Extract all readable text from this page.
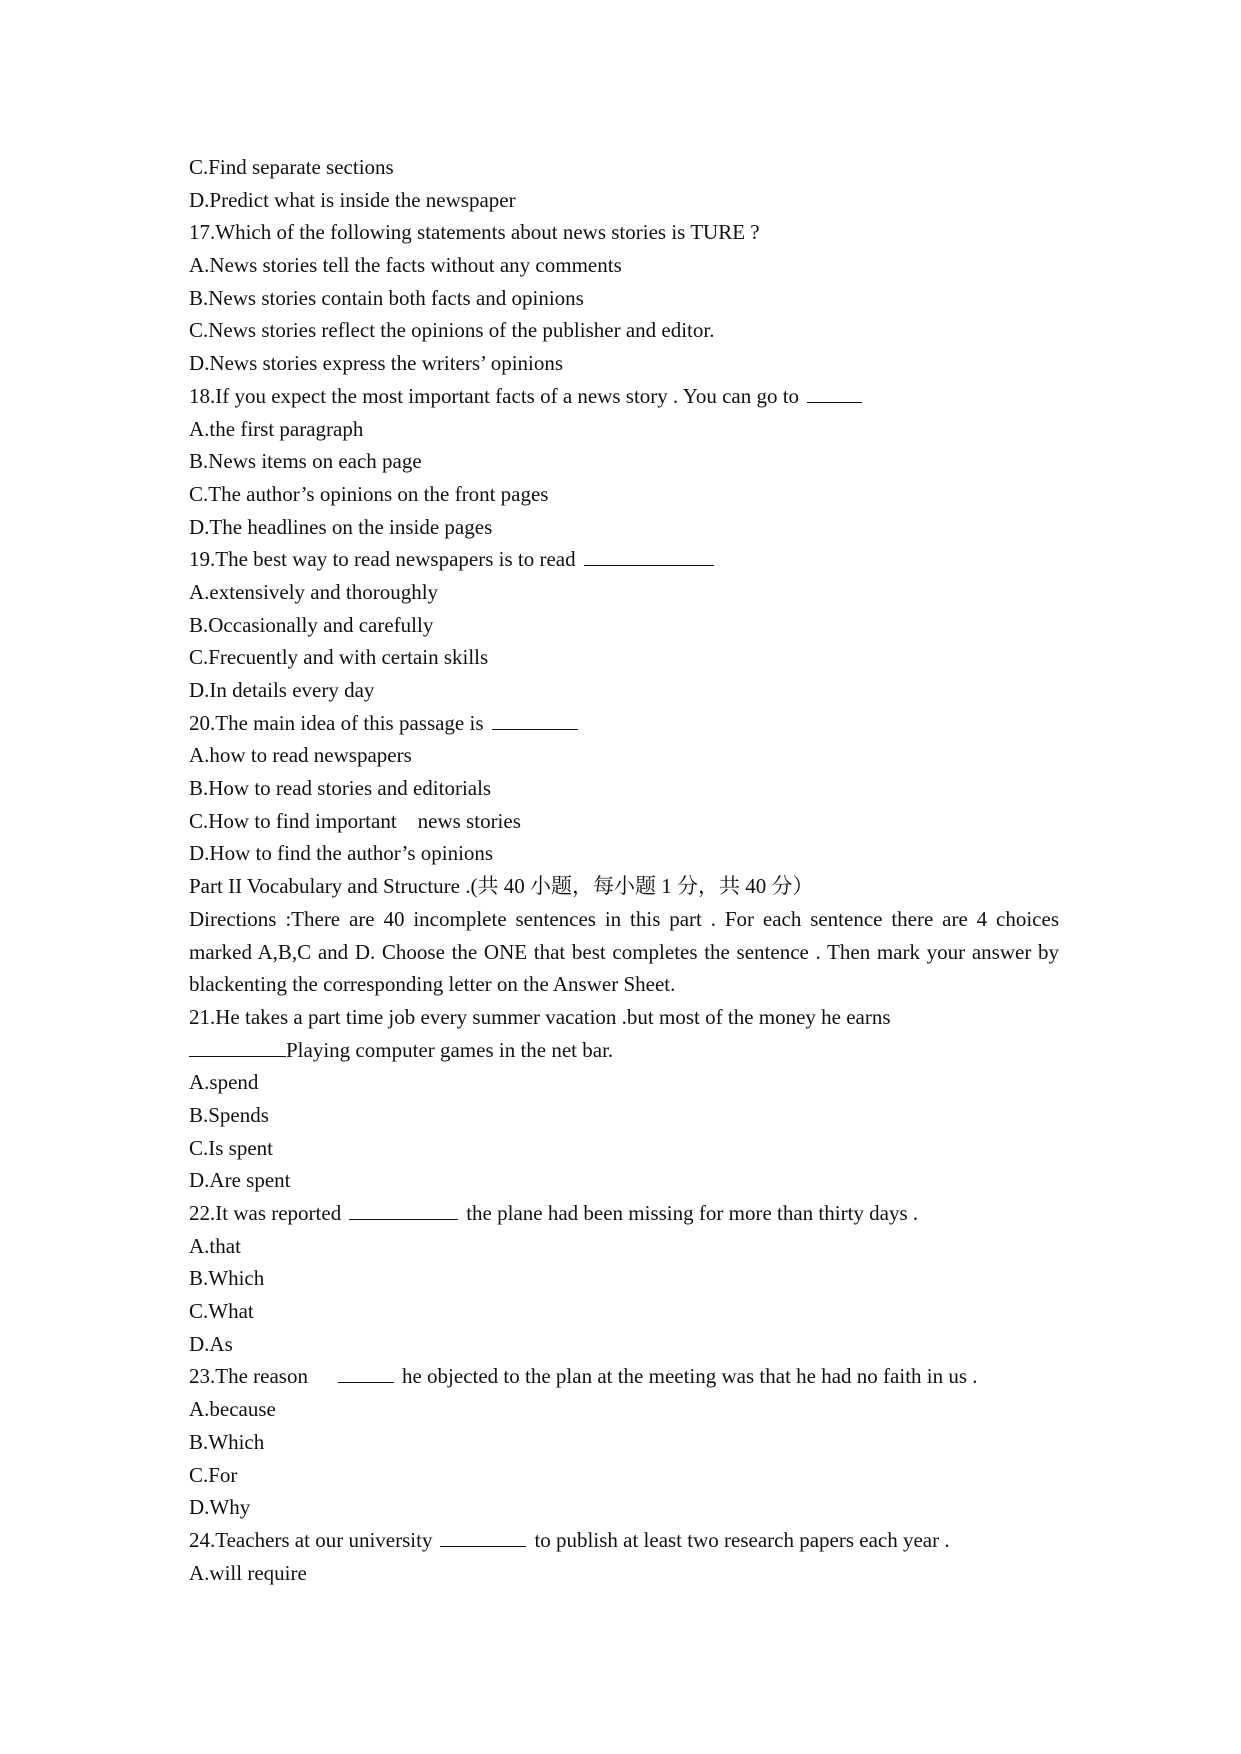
C.Find separate sections
D.Predict what is inside the newspaper
17.Which of the following statements about news stories is TURE ?
A.News stories tell the facts without any comments
B.News stories contain both facts and opinions
C.News stories reflect the opinions of the publisher and editor.
D.News stories express the writers’ opinions
18.If you expect the most important facts of a news story . You can go to
A.the first paragraph
B.News items on each page
C.The author’s opinions on the front pages
D.The headlines on the inside pages
19.The best way to read newspapers is to read
A.extensively and thoroughly
B.Occasionally and carefully
C.Frecuently and with certain skills
D.In details every day
20.The main idea of this passage is
A.how to read newspapers
B.How to read stories and editorials
C.How to find important    news stories
D.How to find the author’s opinions
Part II Vocabulary and Structure .(共 40 小题，每小题 1 分，共 40 分）
Directions :There are 40 incomplete sentences in this part . For each sentence there are 4 choices marked A,B,C and D. Choose the ONE that best completes the sentence . Then mark your answer by blackenting the corresponding letter on the Answer Sheet.
21.He takes a part time job every summer vacation .but most of the money he earns
Playing computer games in the net bar.
A.spend
B.Spends
C.Is spent
D.Are spent
22.It was reported	the plane had been missing for more than thirty days .
A.that
B.Which
C.What
D.As
23.The reason	he objected to the plan at the meeting was that he had no faith in us .
A.because
B.Which
C.For
D.Why
24.Teachers at our university	to publish at least two research papers each year .
A.will require
